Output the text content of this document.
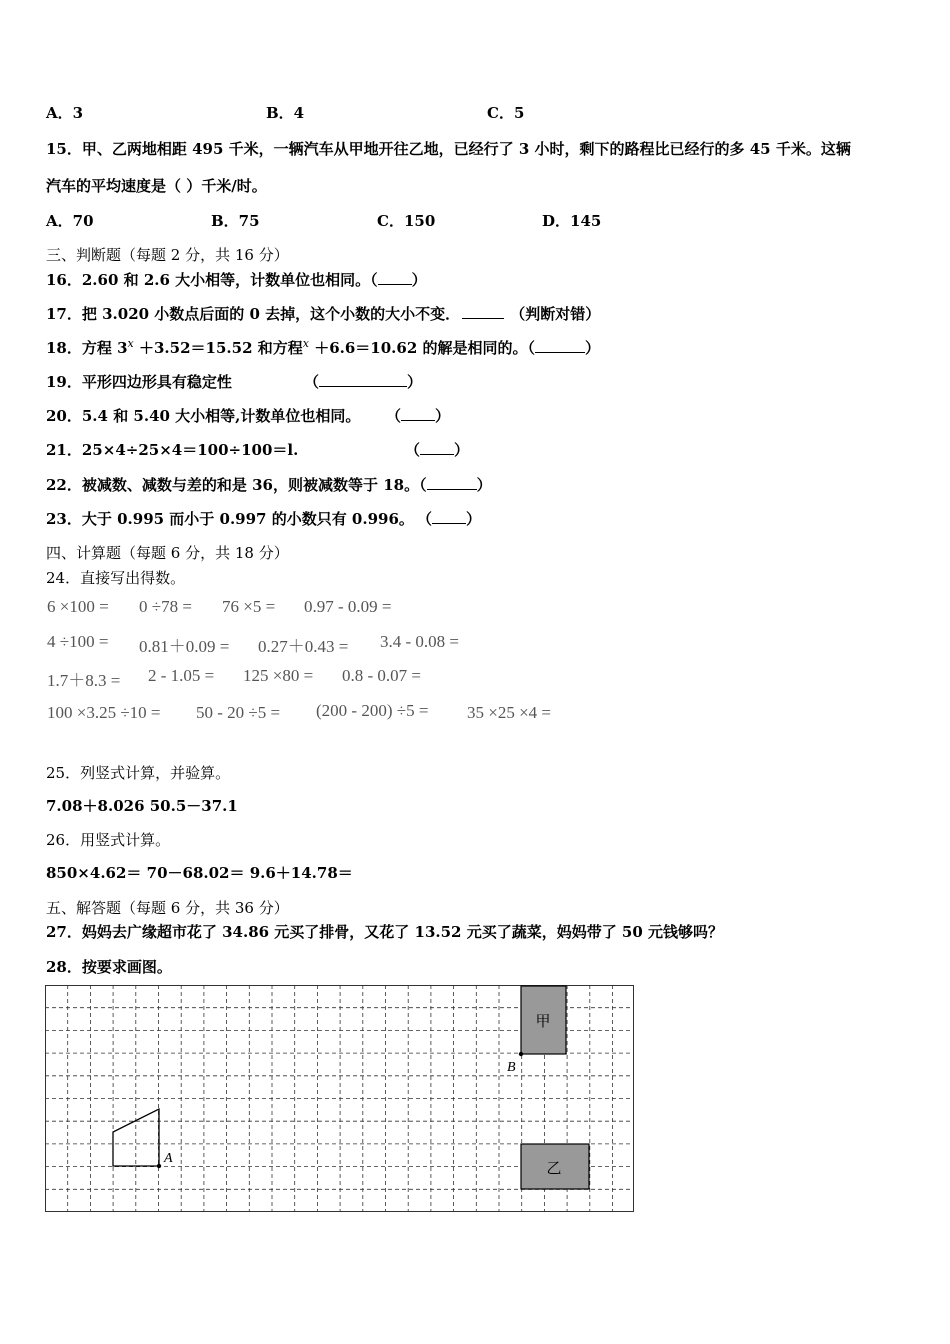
A．3	B．4	C．5
15．甲、乙两地相距 495 千米，一辆汽车从甲地开往乙地，已经行了 3 小时，剩下的路程比已经行的多 45 千米。这辆
汽车的平均速度是（ ）千米/时。
A．70	B．75	C．150	D．145
三、判断题（每题 2 分，共 16 分）
16．2.60 和 2.6 大小相等，计数单位也相同。（ ）
17．把 3.020 小数点后面的 0 去掉，这个小数的大小不变．	（判断对错）
18．方程 $3^x +3.52=15.52$ 和方程$^x$ ＋6.6＝10.62 的解是相同的。（	）
19．平形四边形具有稳定性	（	）
20．5.4 和 5.40 大小相等,计数单位也相同。 （ ）
21．25×4÷25×4＝100÷100＝l.	（ ）
22．被减数、减数与差的和是 36，则被减数等于 18。（	）
23．大于 0.995 而小于 0.997 的小数只有 0.996。 （ ）
四、计算题（每题 6 分，共 18 分）
24．直接写出得数。
6 ×100 = 0 ÷78 = 76 ×5 = 0.97 - 0.09 =
4 ÷100 = 0.81＋0.09 = 0.27＋0.43 = 3.4 - 0.08 =
1.7＋8.3 = 2 - 1.05 = 125 ×80 = 0.8 - 0.07 =
100 ×3.25 ÷10 = 50 - 20 ÷5 = (200 - 200) ÷5 = 35 ×25 ×4 =
25．列竖式计算，并验算。
7.08＋8.026 50.5－37.1
26．用竖式计算。
850×4.62＝ 70－68.02＝ 9.6＋14.78＝
五、解答题（每题 6 分，共 36 分）
27．妈妈去广缘超市花了 34.86 元买了排骨，又花了 13.52 元买了蔬菜，妈妈带了 50 元钱够吗？
28．按要求画图。
A
甲
B
乙
